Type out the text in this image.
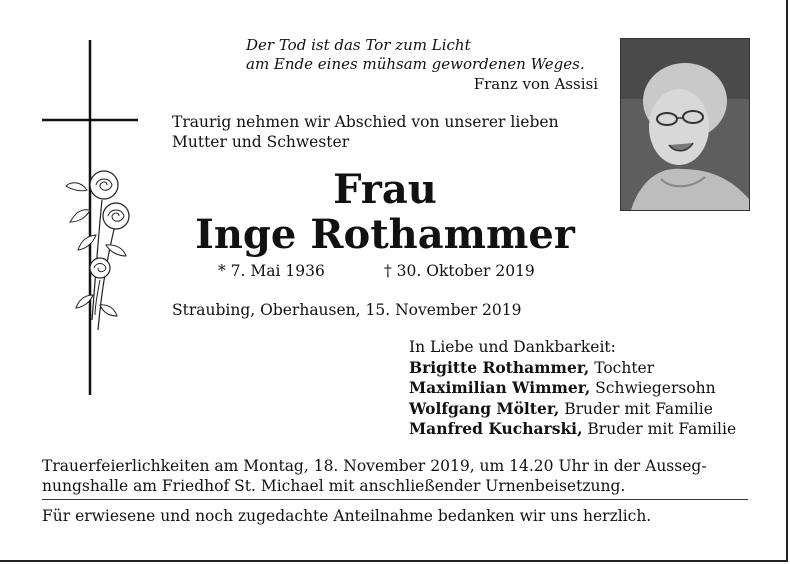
Der Tod ist das Tor zum Licht
am Ende eines mühsam gewordenen Weges.
Franz von Assisi
Traurig nehmen wir Abschied von unserer lieben Mutter und Schwester
Frau
Inge Rothammer
* 7. Mai 1936	† 30. Oktober 2019
Straubing, Oberhausen, 15. November 2019
In Liebe und Dankbarkeit:
Brigitte Rothammer, Tochter
Maximilian Wimmer, Schwiegersohn
Wolfgang Mölter, Bruder mit Familie
Manfred Kucharski, Bruder mit Familie
Trauerfeierlichkeiten am Montag, 18. November 2019, um 14.20 Uhr in der Aussegnungshalle am Friedhof St. Michael mit anschließender Urnenbeisetzung.
Für erwiesene und noch zugedachte Anteilnahme bedanken wir uns herzlich.
